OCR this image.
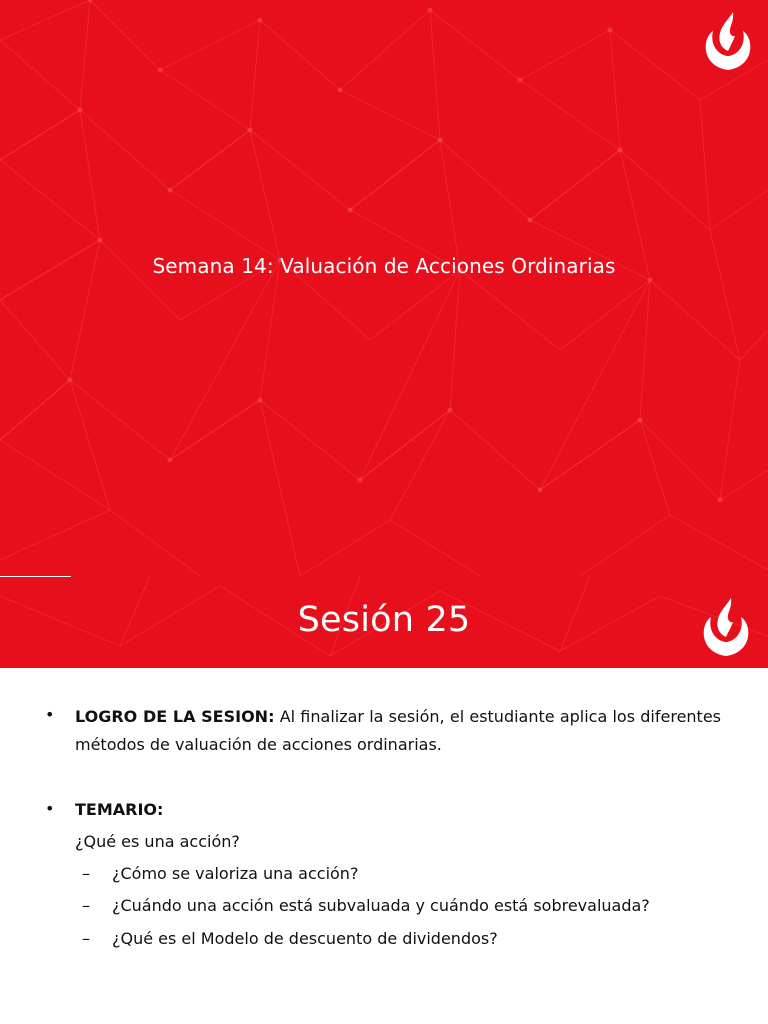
Semana 14: Valuación de Acciones Ordinarias
Sesión 25
• LOGRO DE LA SESION: Al finalizar la sesión, el estudiante aplica los diferentes métodos de valuación de acciones ordinarias.
• TEMARIO:
¿Qué es una acción?
– ¿Cómo se valoriza una acción?
– ¿Cuándo una acción está subvaluada y cuándo está sobrevaluada?
– ¿Qué es el Modelo de descuento de dividendos?
